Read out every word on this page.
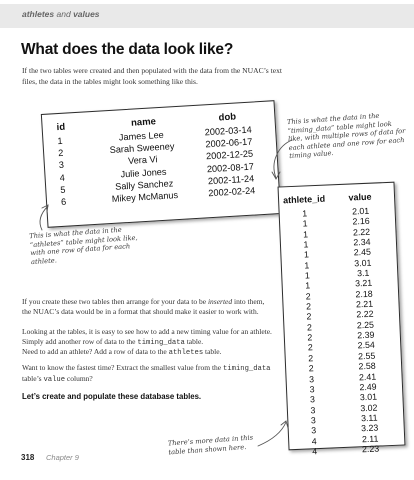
athletes and values
What does the data look like?

If the two tables were created and then populated with the data from the NUAC’s text files, the data in the tables might look something like this.

id
1
2
3
4
5
6
name
James Lee
Sarah Sweeney
Vera Vi
Julie Jones
Sally Sanchez
Mikey McManus
dob
2002-03-14
2002-06-17
2002-12-25
2002-08-17
2002-11-24
2002-02-24
athlete_id
1
1
1
1
1
1
1
1
2
2
2
2
2
2
2
2
3
3
3
3
3
3
4
4
value
2.01
2.16
2.22
2.34
2.45
3.01
3.1
3.21
2.18
2.21
2.22
2.25
2.39
2.54
2.55
2.58
2.41
2.49
3.01
3.02
3.11
3.23
2.11
2.23
This is what the data in the “timing_data” table might look like, with multiple rows of data for each athlete and one row for each timing value.
This is what the data in the “athletes” table might look like, with one row of data for each athlete.
There’s more data in this table than shown here.

If you create these two tables then arrange for your data to be inserted into them, the NUAC’s data would be in a format that should make it easier to work with.

Looking at the tables, it is easy to see how to add a new timing value for an athlete. Simply add another row of data to the timing_data table.

Need to add an athlete? Add a row of data to the athletes table.

Want to know the fastest time? Extract the smallest value from the timing_data table’s value column?

Let’s create and populate these database tables.

318 Chapter 9
